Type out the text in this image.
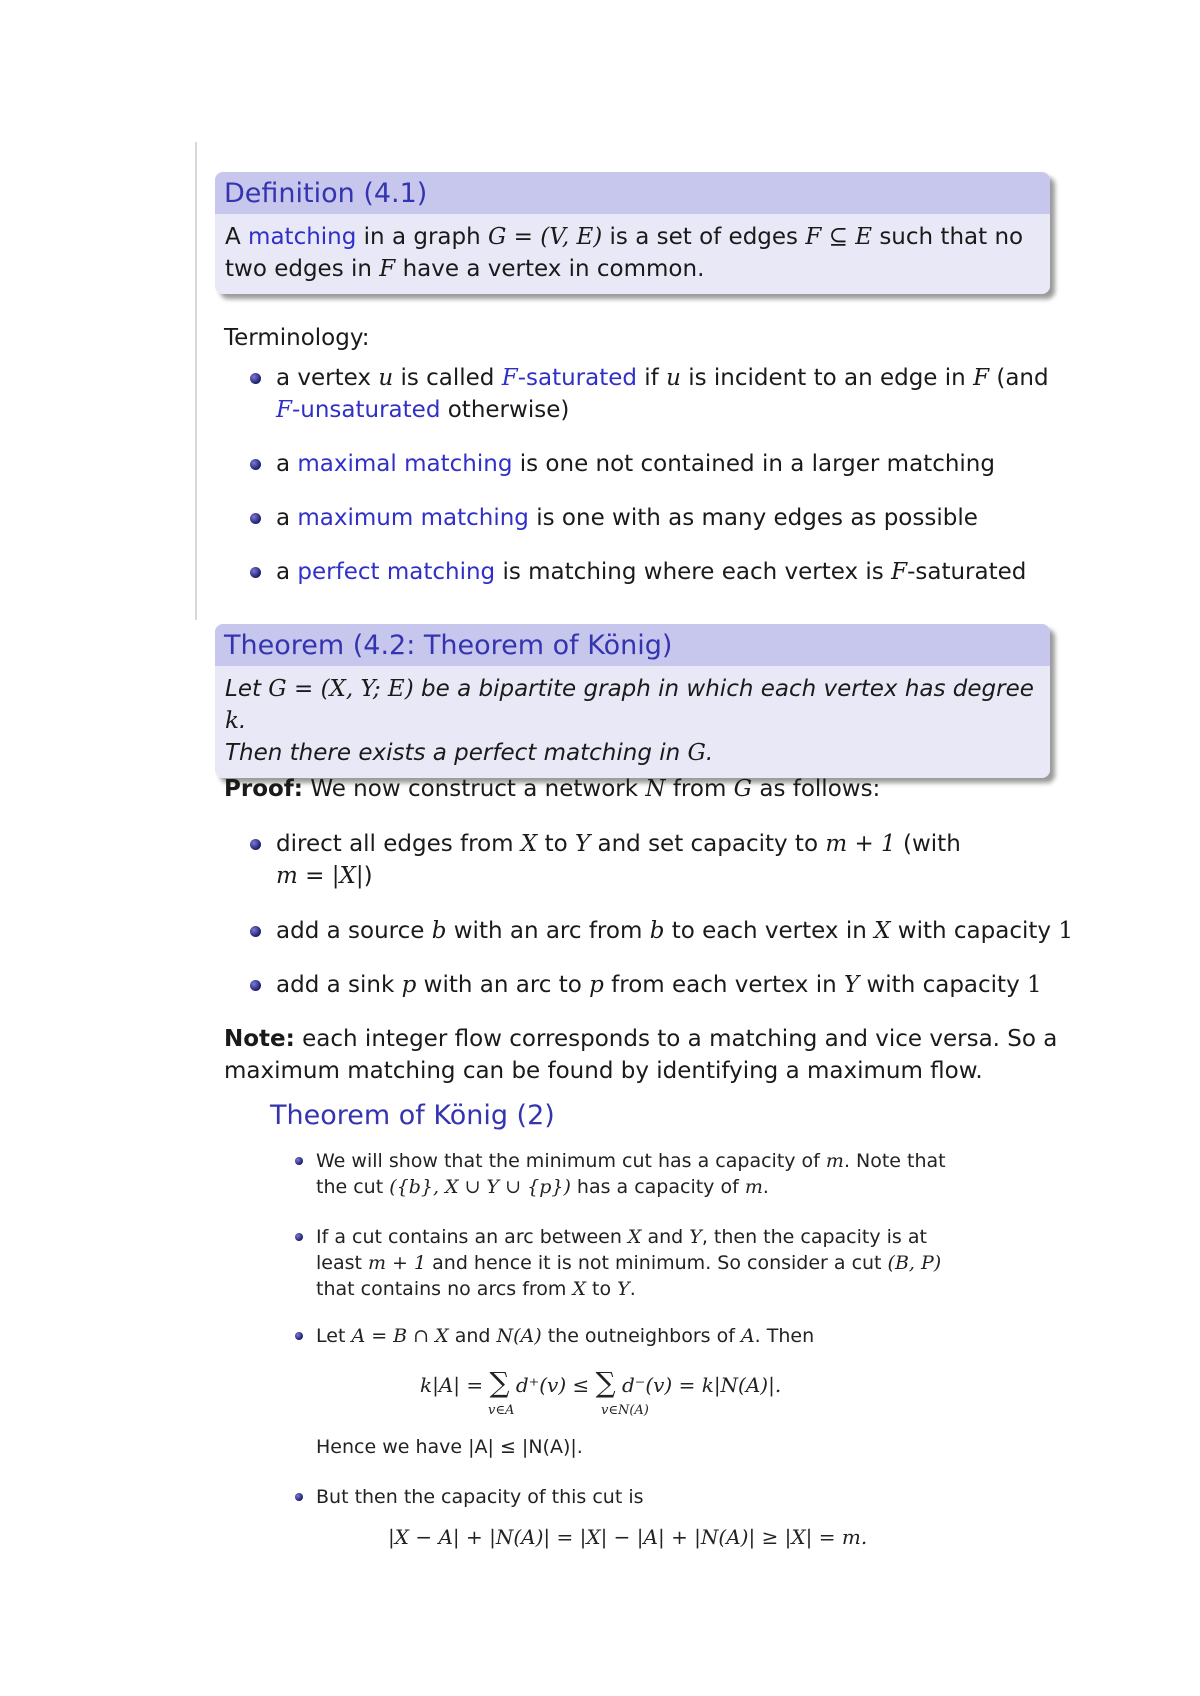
Definition (4.1)
A matching in a graph G = (V, E) is a set of edges F ⊆ E such that no
two edges in F have a vertex in common.
Terminology:
a vertex u is called F-saturated if u is incident to an edge in F (and
F-unsaturated otherwise)
a maximal matching is one not contained in a larger matching
a maximum matching is one with as many edges as possible
a perfect matching is matching where each vertex is F-saturated
Theorem (4.2: Theorem of König)
Let G = (X, Y; E) be a bipartite graph in which each vertex has degree k.
Then there exists a perfect matching in G.
Proof: We now construct a network N from G as follows:
direct all edges from X to Y and set capacity to m + 1 (with
m = |X|)
add a source b with an arc from b to each vertex in X with capacity 1
add a sink p with an arc to p from each vertex in Y with capacity 1
Note: each integer flow corresponds to a matching and vice versa. So a
maximum matching can be found by identifying a maximum flow.
Theorem of König (2)
We will show that the minimum cut has a capacity of m. Note that
the cut ({b}, X ∪ Y ∪ {p}) has a capacity of m.
If a cut contains an arc between X and Y, then the capacity is at
least m + 1 and hence it is not minimum. So consider a cut (B, P)
that contains no arcs from X to Y.
Let A = B ∩ X and N(A) the outneighbors of A. Then
k|A| = ∑ d⁺(v) ≤ ∑ d⁻(v) = k|N(A)|.
v∈A	v∈N(A)
Hence we have |A| ≤ |N(A)|.
But then the capacity of this cut is
|X − A| + |N(A)| = |X| − |A| + |N(A)| ≥ |X| = m.
